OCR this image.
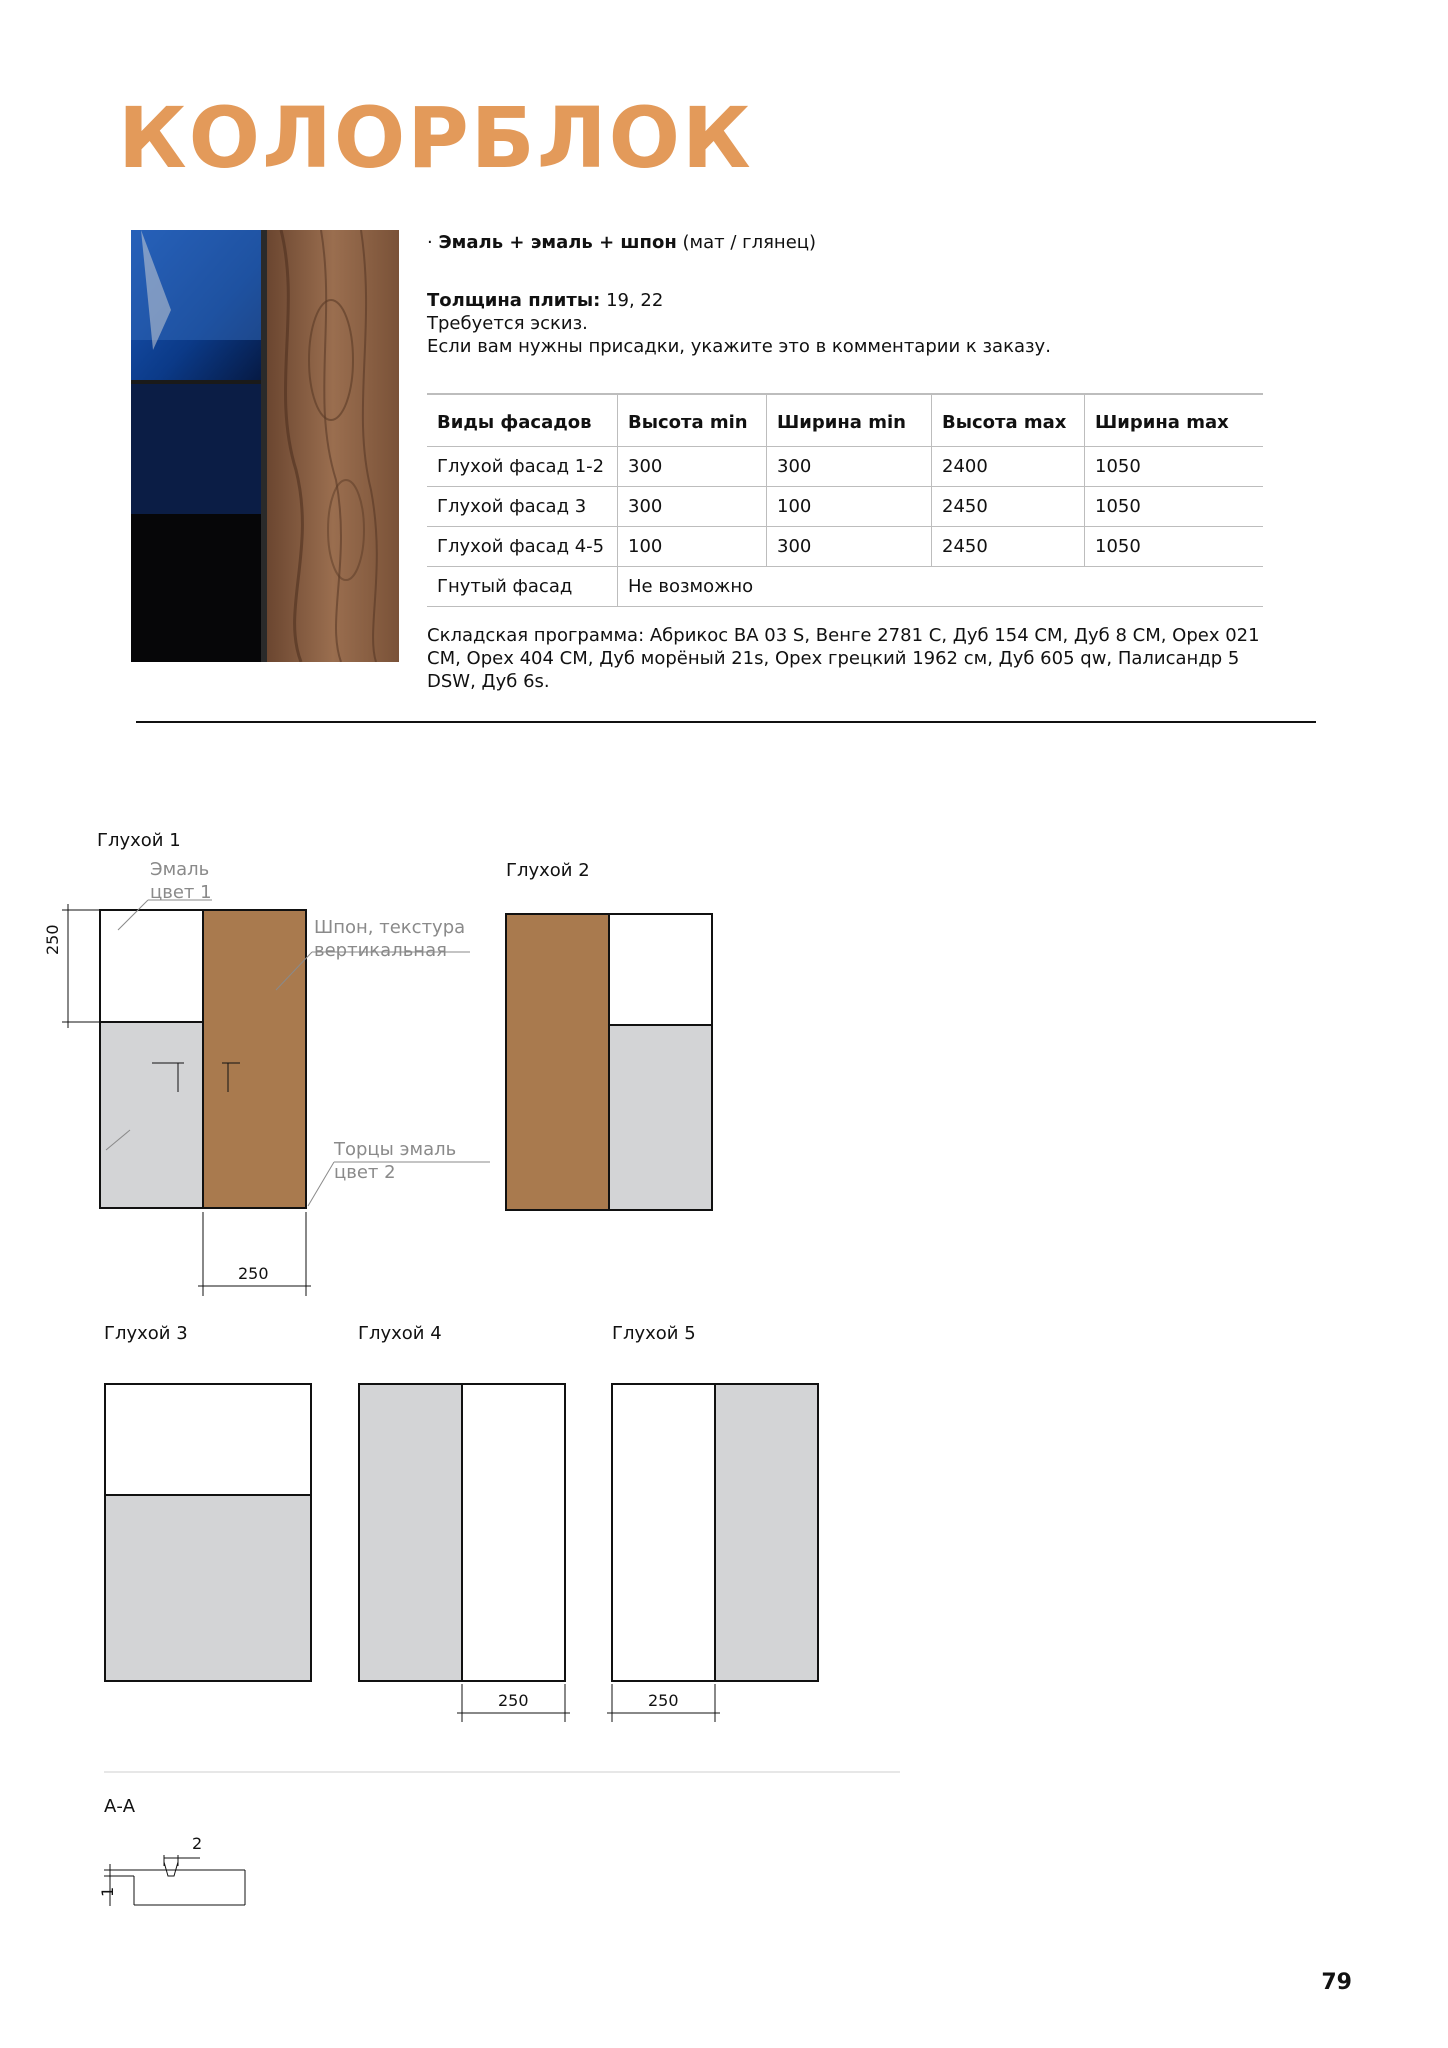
КОЛОРБЛОК
· Эмаль + эмаль + шпон (мат / глянец)
Толщина плиты: 19, 22
Требуется эскиз.
Если вам нужны присадки, укажите это в комментарии к заказу.
Виды фасадов	Высота min	Ширина min	Высота max	Ширина max
Глухой фасад 1-2	300	300	2400	1050
Глухой фасад 3	300	100	2450	1050
Глухой фасад 4-5	100	300	2450	1050
Гнутый фасад	Не возможно			
Складская программа: Абрикос ВА 03 S, Венге 2781 C, Дуб 154 CM, Дуб 8 CM, Орех 021 CM, Орех 404 CM, Дуб морёный 21s, Орех грецкий 1962 см, Дуб 605 qw, Палисандр 5 DSW, Дуб 6s.
Глухой 1
Глухой 2
Глухой 3	Глухой 4	Глухой 5
Эмаль
цвет 1
Шпон, текстура
вертикальная
Торцы эмаль
цвет 2
250
250
250	250
А-А
2
1
79
